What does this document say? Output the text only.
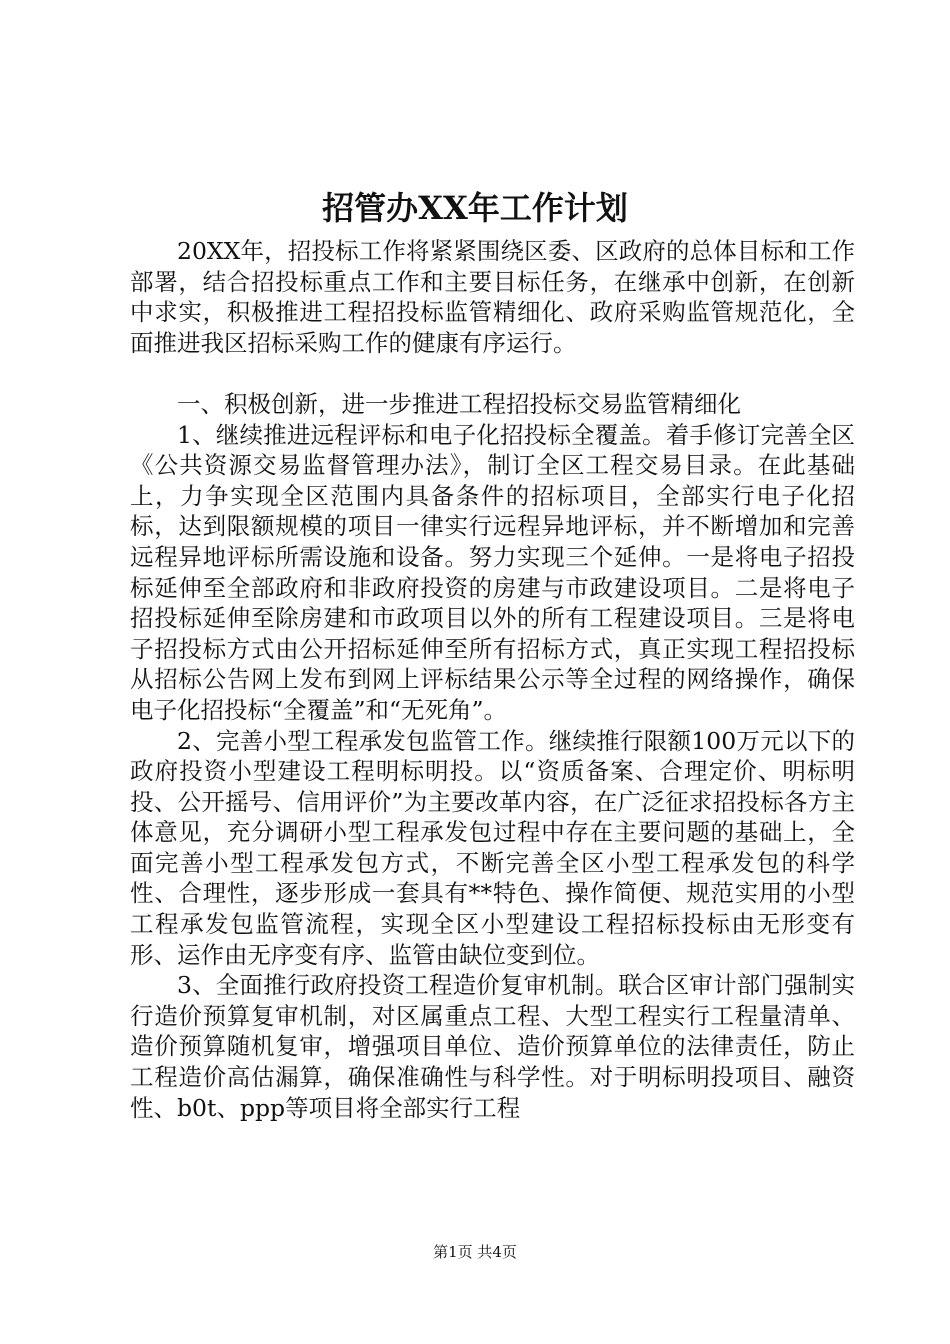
招管办XX年工作计划

20XX年，招投标工作将紧紧围绕区委、区政府的总体目标和工作部署，结合招投标重点工作和主要目标任务，在继承中创新，在创新中求实，积极推进工程招投标监管精细化、政府采购监管规范化，全面推进我区招标采购工作的健康有序运行。

一、积极创新，进一步推进工程招投标交易监管精细化

1、继续推进远程评标和电子化招投标全覆盖。着手修订完善全区《公共资源交易监督管理办法》，制订全区工程交易目录。在此基础上，力争实现全区范围内具备条件的招标项目，全部实行电子化招标，达到限额规模的项目一律实行远程异地评标，并不断增加和完善远程异地评标所需设施和设备。努力实现三个延伸。一是将电子招投标延伸至全部政府和非政府投资的房建与市政建设项目。二是将电子招投标延伸至除房建和市政项目以外的所有工程建设项目。三是将电子招投标方式由公开招标延伸至所有招标方式，真正实现工程招投标从招标公告网上发布到网上评标结果公示等全过程的网络操作，确保电子化招投标“全覆盖”和“无死角”。

2、完善小型工程承发包监管工作。继续推行限额100万元以下的政府投资小型建设工程明标明投。以“资质备案、合理定价、明标明投、公开摇号、信用评价”为主要改革内容，在广泛征求招投标各方主体意见，充分调研小型工程承发包过程中存在主要问题的基础上，全面完善小型工程承发包方式，不断完善全区小型工程承发包的科学性、合理性，逐步形成一套具有**特色、操作简便、规范实用的小型工程承发包监管流程，实现全区小型建设工程招标投标由无形变有形、运作由无序变有序、监管由缺位变到位。

3、全面推行政府投资工程造价复审机制。联合区审计部门强制实行造价预算复审机制，对区属重点工程、大型工程实行工程量清单、造价预算随机复审，增强项目单位、造价预算单位的法律责任，防止工程造价高估漏算，确保准确性与科学性。对于明标明投项目、融资性、b0t、ppp等项目将全部实行工程

第1页 共4页
